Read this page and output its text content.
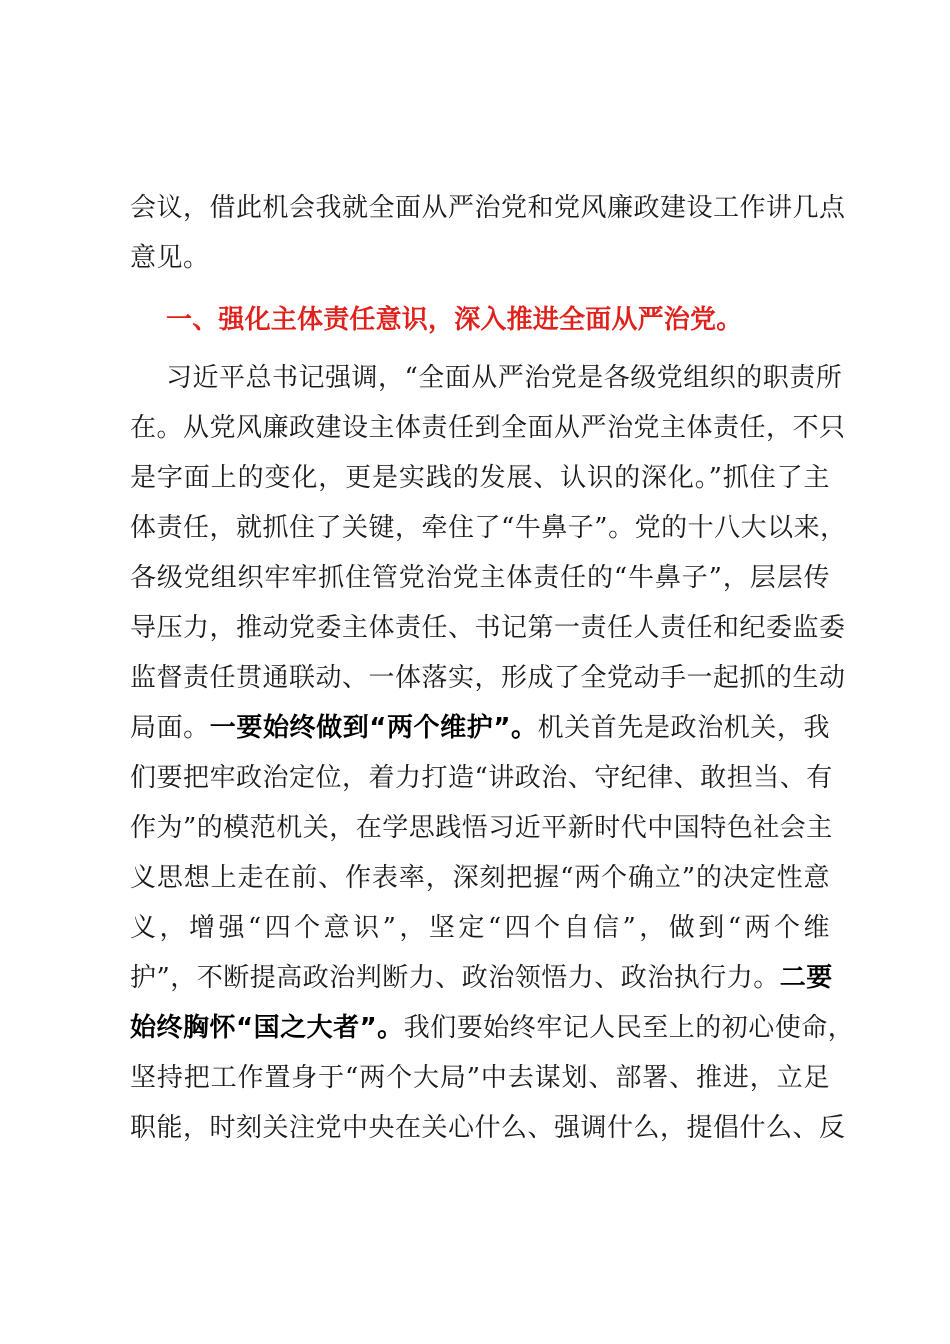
会议，借此机会我就全面从严治党和党风廉政建设工作讲几点
意见。
一、强化主体责任意识，深入推进全面从严治党。
习近平总书记强调，“全面从严治党是各级党组织的职责所
在。从党风廉政建设主体责任到全面从严治党主体责任，不只
是字面上的变化，更是实践的发展、认识的深化。”抓住了主
体责任，就抓住了关键，牵住了“牛鼻子”。党的十八大以来，
各级党组织牢牢抓住管党治党主体责任的“牛鼻子”，层层传
导压力，推动党委主体责任、书记第一责任人责任和纪委监委
监督责任贯通联动、一体落实，形成了全党动手一起抓的生动
局面。一要始终做到“两个维护”。机关首先是政治机关，我
们要把牢政治定位，着力打造“讲政治、守纪律、敢担当、有
作为”的模范机关，在学思践悟习近平新时代中国特色社会主
义思想上走在前、作表率，深刻把握“两个确立”的决定性意
义，增强“四个意识”，坚定“四个自信”，做到“两个维
护”，不断提高政治判断力、政治领悟力、政治执行力。二要
始终胸怀“国之大者”。我们要始终牢记人民至上的初心使命，
坚持把工作置身于“两个大局”中去谋划、部署、推进，立足
职能，时刻关注党中央在关心什么、强调什么，提倡什么、反
